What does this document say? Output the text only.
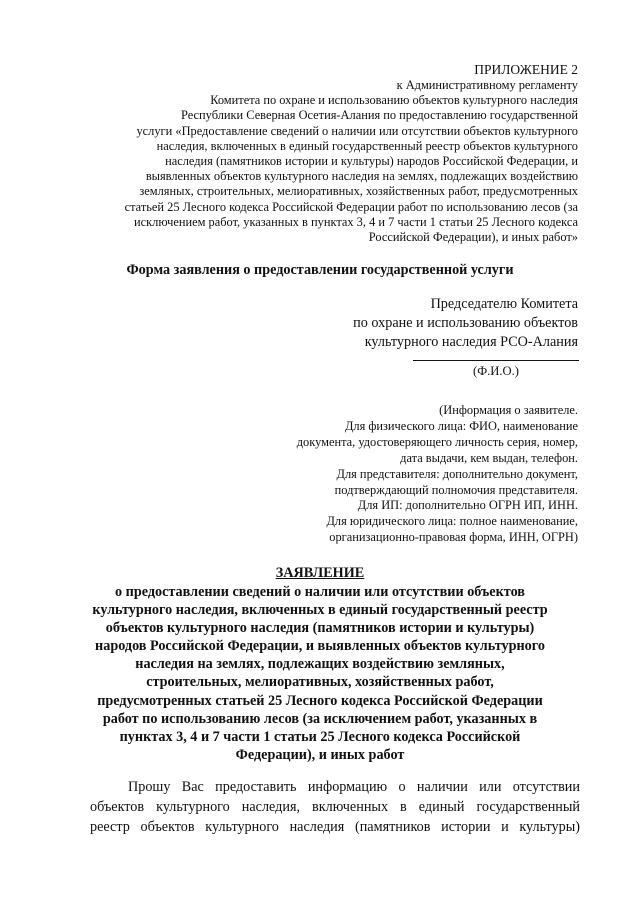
ПРИЛОЖЕНИЕ 2

к Административному регламенту
Комитета по охране и использованию объектов культурного наследия
Республики Северная Осетия-Алания по предоставлению государственной
услуги «Предоставление сведений о наличии или отсутствии объектов культурного
наследия, включенных в единый государственный реестр объектов культурного
наследия (памятников истории и культуры) народов Российской Федерации, и
выявленных объектов культурного наследия на землях, подлежащих воздействию
земляных, строительных, мелиоративных, хозяйственных работ, предусмотренных
статьей 25 Лесного кодекса Российской Федерации работ по использованию лесов (за
исключением работ, указанных в пунктах 3, 4 и 7 части 1 статьи 25 Лесного кодекса
Российской Федерации), и иных работ»

Форма заявления о предоставлении государственной услуги

Председателю Комитета
по охране и использованию объектов
культурного наследия РСО-Алания
(Ф.И.О.)
(Информация о заявителе.
Для физического лица: ФИО, наименование
документа, удостоверяющего личность серия, номер,
дата выдачи, кем выдан, телефон.
Для представителя: дополнительно документ,
подтверждающий полномочия представителя.
Для ИП: дополнительно ОГРН ИП, ИНН.
Для юридического лица: полное наименование,
организационно-правовая форма, ИНН, ОГРН)
ЗАЯВЛЕНИЕ
о предоставлении сведений о наличии или отсутствии объектов
культурного наследия, включенных в единый государственный реестр
объектов культурного наследия (памятников истории и культуры)
народов Российской Федерации, и выявленных объектов культурного
наследия на землях, подлежащих воздействию земляных,
строительных, мелиоративных, хозяйственных работ,
предусмотренных статьей 25 Лесного кодекса Российской Федерации
работ по использованию лесов (за исключением работ, указанных в
пунктах 3, 4 и 7 части 1 статьи 25 Лесного кодекса Российской
Федерации), и иных работ
Прошу Вас предоставить информацию о наличии или отсутствии
объектов культурного наследия, включенных в единый государственный
реестр объектов культурного наследия (памятников истории и культуры)
